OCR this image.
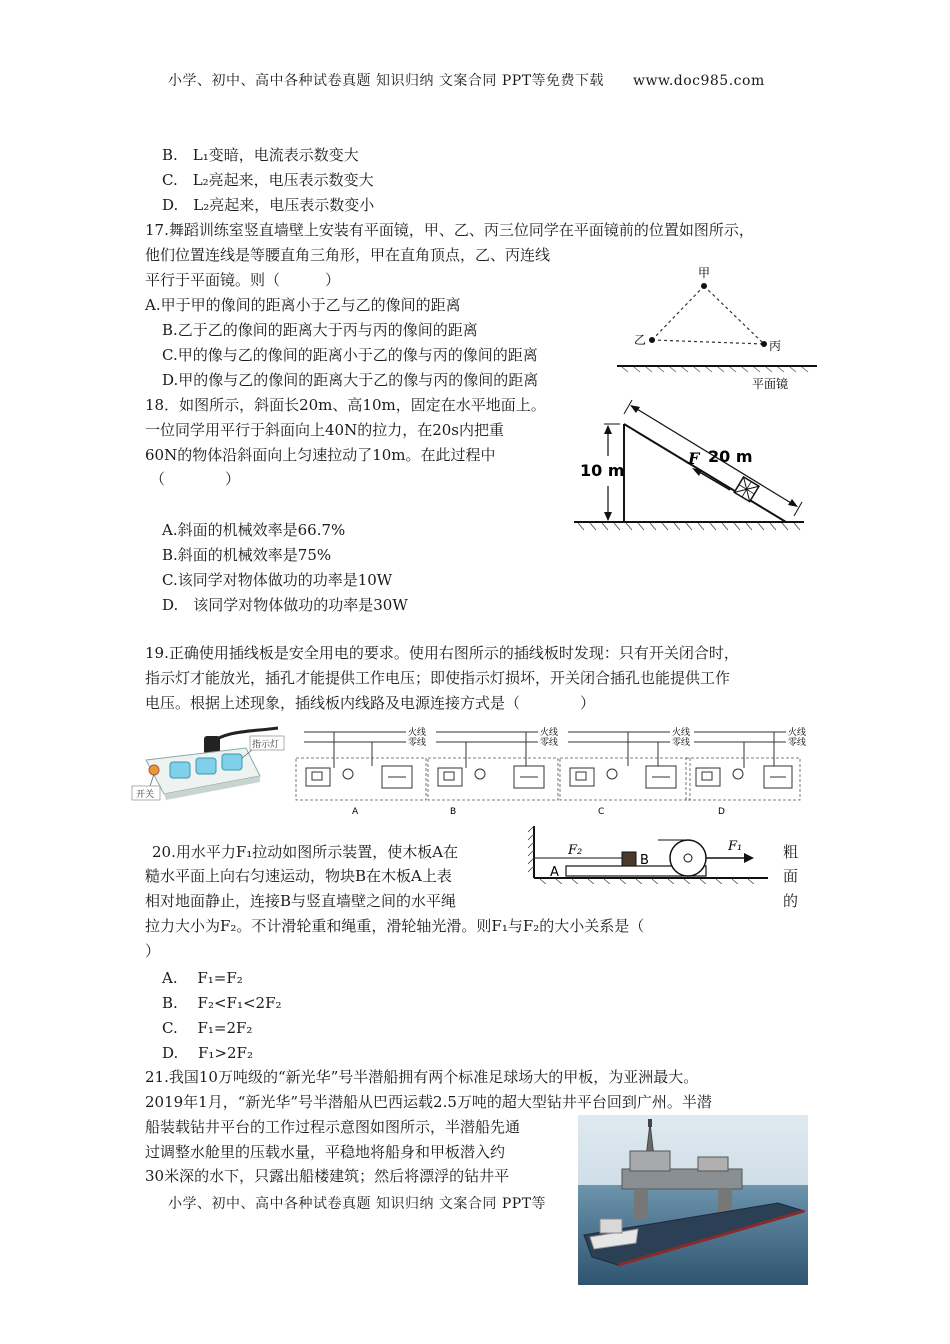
小学、初中、高中各种试卷真题 知识归纳 文案合同 PPT等免费下载　　www.doc985.com
B.　L₁变暗，电流表示数变大
C.　L₂亮起来，电压表示数变大
D.　L₂亮起来，电压表示数变小
17.舞蹈训练室竖直墙壁上安装有平面镜，甲、乙、丙三位同学在平面镜前的位置如图所示，
他们位置连线是等腰直角三角形，甲在直角顶点，乙、丙连线
平行于平面镜。则（　　　）
A.甲于甲的像间的距离小于乙与乙的像间的距离
B.乙于乙的像间的距离大于丙与丙的像间的距离
C.甲的像与乙的像间的距离小于乙的像与丙的像间的距离
D.甲的像与乙的像间的距离大于乙的像与丙的像间的距离
甲
乙	丙
平面镜
18．如图所示，斜面长20m、高10m，固定在水平地面上。
一位同学用平行于斜面向上40N的拉力，在20s内把重
60N的物体沿斜面向上匀速拉动了10m。在此过程中
（　　　　）
A.斜面的机械效率是66.7%
B.斜面的机械效率是75%
C.该同学对物体做功的功率是10W
D.　该同学对物体做功的功率是30W
10 m
20 m
F
19.正确使用插线板是安全用电的要求。使用右图所示的插线板时发现：只有开关闭合时，
指示灯才能放光，插孔才能提供工作电压；即使指示灯损坏，开关闭合插孔也能提供工作
电压。根据上述现象，插线板内线路及电源连接方式是（　　　　）
开关
指示灯
火线
零线
A
火线
零线
B
火线
零线
C
火线
零线
D
20.用水平力F₁拉动如图所示装置，使木板A在	粗
糙水平面上向右匀速运动，物块B在木板A上表	面
相对地面静止，连接B与竖直墙壁之间的水平绳	的
拉力大小为F₂。不计滑轮重和绳重，滑轮轴光滑。则F₁与F₂的大小关系是（
）
A.　 F₁=F₂
B.　 F₂<F₁<2F₂
C.　 F₁=2F₂
D.　 F₁>2F₂
A
B
F₂	F₁
21.我国10万吨级的“新光华”号半潜船拥有两个标准足球场大的甲板，为亚洲最大。
2019年1月，“新光华”号半潜船从巴西运载2.5万吨的超大型钻井平台回到广州。半潜
船装载钻井平台的工作过程示意图如图所示，半潜船先通
过调整水舱里的压载水量，平稳地将船身和甲板潜入约
30米深的水下，只露出船楼建筑；然后将漂浮的钻井平
小学、初中、高中各种试卷真题 知识归纳 文案合同 PPT等
